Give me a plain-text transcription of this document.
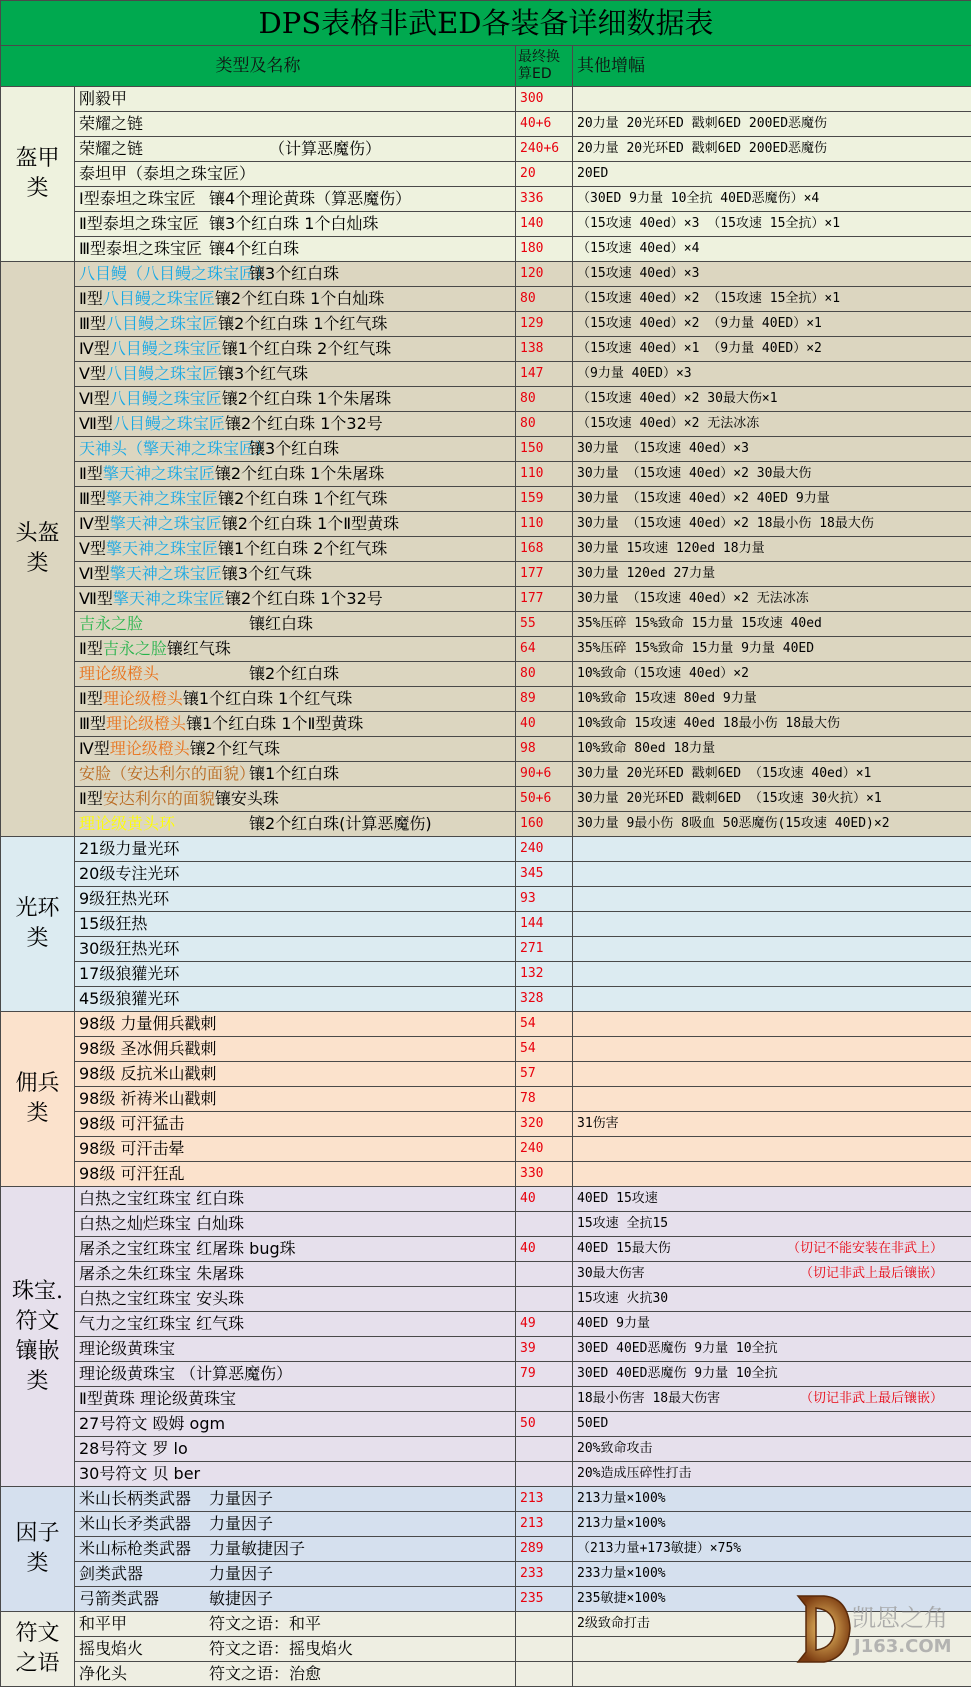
DPS表格非武ED各装备详细数据表			
类型及名称		最终换算ED	其他增幅
盔甲类	刚毅甲	300	
	荣耀之链	40+6	20力量 20光环ED 戳刺6ED 200ED恶魔伤
	荣耀之链 （计算恶魔伤）	240+6	20力量 20光环ED 戳刺6ED 200ED恶魔伤
	泰坦甲（泰坦之珠宝匠）	20	20ED
	Ⅰ型泰坦之珠宝匠镶4个理论黄珠（算恶魔伤）	336	（30ED 9力量 10全抗 40ED恶魔伤）×4
	Ⅱ型泰坦之珠宝匠镶3个红白珠 1个白灿珠	140	（15攻速 40ed）×3 （15攻速 15全抗）×1
	Ⅲ型泰坦之珠宝匠镶4个红白珠	180	（15攻速 40ed）×4
头盔类	八目鳗（八目鳗之珠宝匠）镶3个红白珠	120	（15攻速 40ed）×3
	Ⅱ型八目鳗之珠宝匠镶2个红白珠 1个白灿珠	80	（15攻速 40ed）×2 （15攻速 15全抗）×1
	Ⅲ型八目鳗之珠宝匠镶2个红白珠 1个红气珠	129	（15攻速 40ed）×2 （9力量 40ED）×1
	Ⅳ型八目鳗之珠宝匠镶1个红白珠 2个红气珠	138	（15攻速 40ed）×1 （9力量 40ED）×2
	Ⅴ型八目鳗之珠宝匠镶3个红气珠	147	（9力量 40ED）×3
	Ⅵ型八目鳗之珠宝匠镶2个红白珠 1个朱屠珠	80	（15攻速 40ed）×2 30最大伤×1
	Ⅶ型八目鳗之珠宝匠镶2个红白珠 1个32号	80	（15攻速 40ed）×2 无法冰冻
	天神头（擎天神之珠宝匠）镶3个红白珠	150	30力量 （15攻速 40ed）×3
	Ⅱ型擎天神之珠宝匠镶2个红白珠 1个朱屠珠	110	30力量 （15攻速 40ed）×2 30最大伤
	Ⅲ型擎天神之珠宝匠镶2个红白珠 1个红气珠	159	30力量 （15攻速 40ed）×2 40ED 9力量
	Ⅳ型擎天神之珠宝匠镶2个红白珠 1个Ⅱ型黄珠	110	30力量 （15攻速 40ed）×2 18最小伤 18最大伤
	Ⅴ型擎天神之珠宝匠镶1个红白珠 2个红气珠	168	30力量 15攻速 120ed 18力量
	Ⅵ型擎天神之珠宝匠镶3个红气珠	177	30力量 120ed 27力量
	Ⅶ型擎天神之珠宝匠镶2个红白珠 1个32号	177	30力量 （15攻速 40ed）×2 无法冰冻
	吉永之脸 镶红白珠	55	35%压碎 15%致命 15力量 15攻速 40ed
	Ⅱ型吉永之脸镶红气珠	64	35%压碎 15%致命 15力量 9力量 40ED
	理论级橙头 镶2个红白珠	80	10%致命（15攻速 40ed）×2
	Ⅱ型理论级橙头镶1个红白珠 1个红气珠	89	10%致命 15攻速 80ed 9力量
	Ⅲ型理论级橙头镶1个红白珠 1个Ⅱ型黄珠	40	10%致命 15攻速 40ed 18最小伤 18最大伤
	Ⅳ型理论级橙头镶2个红气珠	98	10%致命 80ed 18力量
	安脸（安达利尔的面貌）镶1个红白珠	90+6	30力量 20光环ED 戳刺6ED （15攻速 40ed）×1
	Ⅱ型安达利尔的面貌镶安头珠	50+6	30力量 20光环ED 戳刺6ED （15攻速 30火抗）×1
	理论级黄头环 镶2个红白珠(计算恶魔伤)	160	30力量 9最小伤 8吸血 50恶魔伤(15攻速 40ED)×2
光环类	21级力量光环	240	
	20级专注光环	345	
	9级狂热光环	93	
	15级狂热	144	
	30级狂热光环	271	
	17级狼獾光环	132	
	45级狼獾光环	328	
佣兵类	98级 力量佣兵戳刺	54	
	98级 圣冰佣兵戳刺	54	
	98级 反抗米山戳刺	57	
	98级 祈祷米山戳刺	78	
	98级 可汗猛击	320	31伤害
	98级 可汗击晕	240	
	98级 可汗狂乱	330	
珠宝.符文镶嵌类	白热之宝红珠宝 红白珠	40	40ED 15攻速
	白热之灿烂珠宝 白灿珠		15攻速 全抗15
	屠杀之宝红珠宝 红屠珠 bug珠	40	40ED 15最大伤 （切记不能安装在非武上）

	屠杀之朱红珠宝 朱屠珠		30最大伤害 （切记非武上最后镶嵌）

	白热之宝红珠宝 安头珠		15攻速 火抗30
	气力之宝红珠宝 红气珠	49	40ED 9力量
	理论级黄珠宝	39	30ED 40ED恶魔伤 9力量 10全抗
	理论级黄珠宝 （计算恶魔伤）	79	30ED 40ED恶魔伤 9力量 10全抗
	Ⅱ型黄珠 理论级黄珠宝		18最小伤害 18最大伤害 （切记非武上最后镶嵌）

	27号符文 殴姆 ogm	50	50ED
	28号符文 罗 lo		20%致命攻击
	30号符文 贝 ber		20%造成压碎性打击
因子类	米山长柄类武器力量因子	213	213力量×100%
	米山长矛类武器力量因子	213	213力量×100%
	米山标枪类武器力量敏捷因子	289	（213力量+173敏捷）×75%
	剑类武器 力量因子	233	233力量×100%
	弓箭类武器 敏捷因子	235	235敏捷×100%
符文之语	和平甲 符文之语：和平		2级致命打击
	摇曳焰火 符文之语：摇曳焰火		
	净化头 符文之语：治愈		
凯恩之角
J163.COM
